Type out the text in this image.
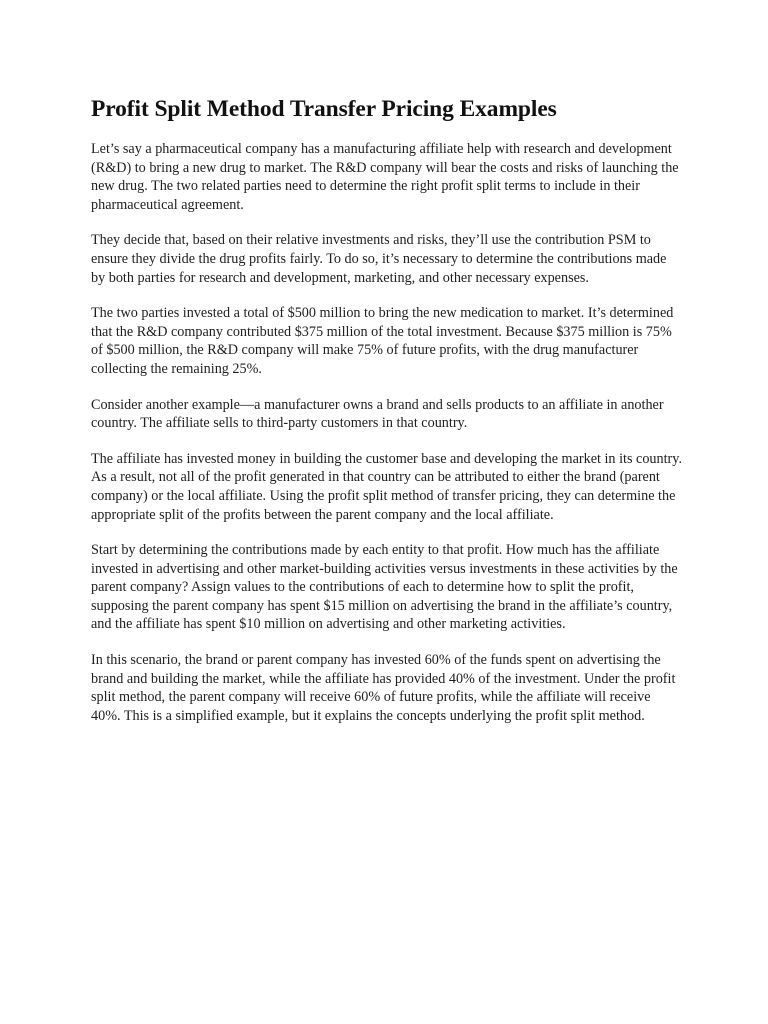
Profit Split Method Transfer Pricing Examples

Let’s say a pharmaceutical company has a manufacturing affiliate help with research and development (R&D) to bring a new drug to market. The R&D company will bear the costs and risks of launching the new drug. The two related parties need to determine the right profit split terms to include in their pharmaceutical agreement.

They decide that, based on their relative investments and risks, they’ll use the contribution PSM to ensure they divide the drug profits fairly. To do so, it’s necessary to determine the contributions made by both parties for research and development, marketing, and other necessary expenses.

The two parties invested a total of $500 million to bring the new medication to market. It’s determined that the R&D company contributed $375 million of the total investment. Because $375 million is 75% of $500 million, the R&D company will make 75% of future profits, with the drug manufacturer collecting the remaining 25%.

Consider another example—a manufacturer owns a brand and sells products to an affiliate in another country. The affiliate sells to third-party customers in that country.

The affiliate has invested money in building the customer base and developing the market in its country. As a result, not all of the profit generated in that country can be attributed to either the brand (parent company) or the local affiliate. Using the profit split method of transfer pricing, they can determine the appropriate split of the profits between the parent company and the local affiliate.

Start by determining the contributions made by each entity to that profit. How much has the affiliate invested in advertising and other market-building activities versus investments in these activities by the parent company? Assign values to the contributions of each to determine how to split the profit, supposing the parent company has spent $15 million on advertising the brand in the affiliate’s country, and the affiliate has spent $10 million on advertising and other marketing activities.

In this scenario, the brand or parent company has invested 60% of the funds spent on advertising the brand and building the market, while the affiliate has provided 40% of the investment. Under the profit split method, the parent company will receive 60% of future profits, while the affiliate will receive 40%. This is a simplified example, but it explains the concepts underlying the profit split method.
